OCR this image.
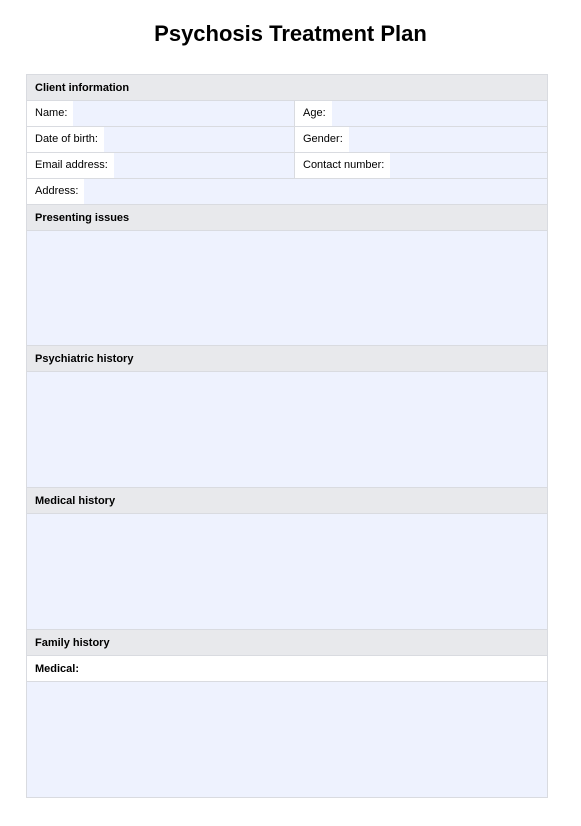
Psychosis Treatment Plan
Client information
Name:	Age:
Date of birth:	Gender:
Email address:	Contact number:
Address:
Presenting issues
Psychiatric history
Medical history
Family history
Medical:
